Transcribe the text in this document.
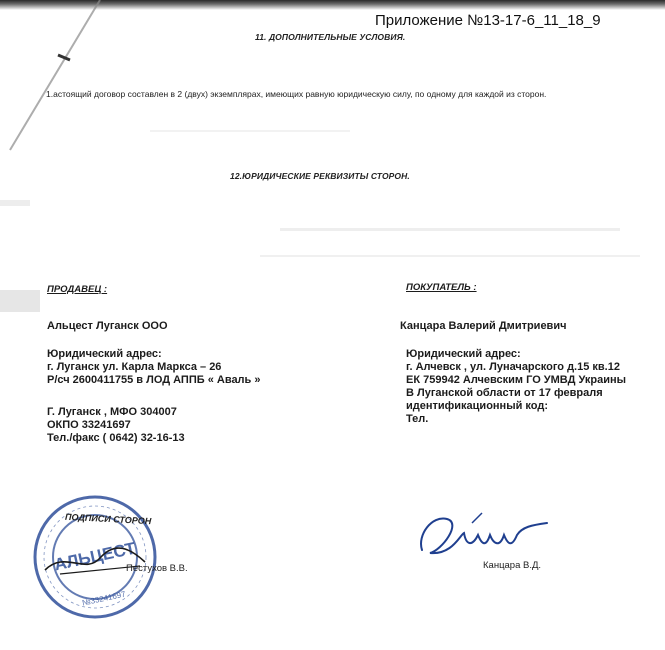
Приложение №13-17-6_11_18_9
11. ДОПОЛНИТЕЛЬНЫЕ УСЛОВИЯ.
1.астоящий договор составлен в 2 (двух) экземплярах, имеющих равную юридическую силу, по одному для каждой из сторон.
12.ЮРИДИЧЕСКИЕ РЕКВИЗИТЫ СТОРОН.
ПРОДАВЕЦ :
Альцест Луганск ООО
Юридический адрес:
г. Луганск ул. Карла Маркса – 26
Р/сч 2600411755 в ЛОД АППБ « Аваль »
Г. Луганск , МФО 304007
ОКПО 33241697
Тел./факс ( 0642) 32-16-13
ПОКУПАТЕЛЬ :
Канцара Валерий Дмитриевич
Юридический адрес:
г. Алчевск , ул. Луначарского д.15 кв.12
ЕК 759942 Алчевским ГО УМВД Украины
В Луганской области от 17 февраля
идентификационный код:
Тел.
АЛЬЦЕСТ
№33241697
ПОДПИСИ СТОРОН
Пестухов В.В.	Канцара В.Д.
